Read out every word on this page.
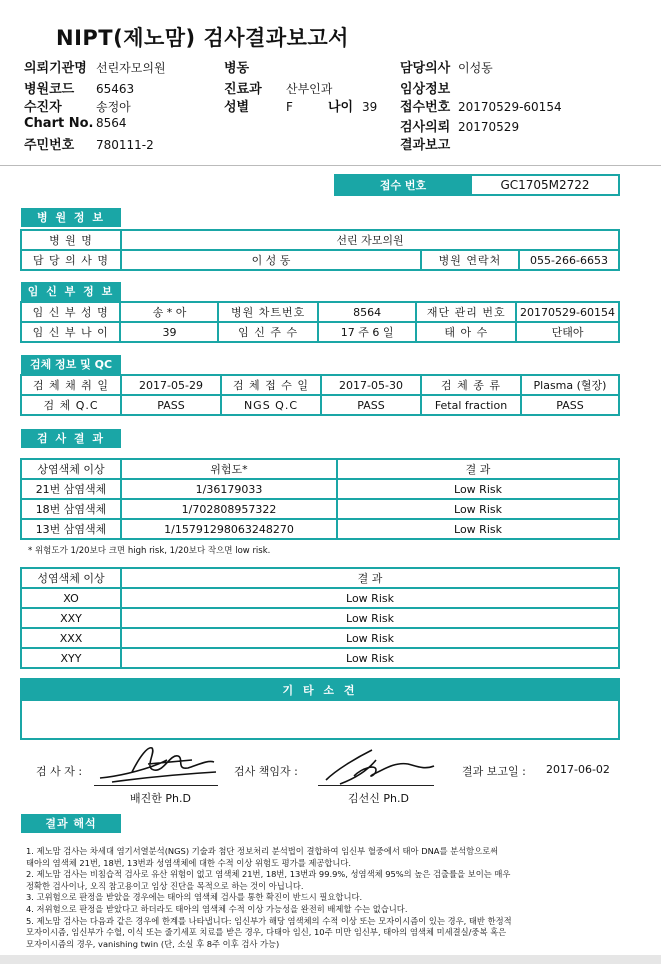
NIPT(제노맘) 검사결과보고서
의뢰기관명 선린자모의원
병원코드 65463
수진자	송정아
Chart No. 8564
주민번호 780111-2
병동
진료과 산부인과
성별	F	나이 39
담당의사 이성동
임상정보
접수번호 20170529-60154
검사의뢰 20170529
결과보고
접수 번호	GC1705M2722
병 원 정 보
병 원 명	선린 자모의원		
담 당 의 사 명	이 성 동	병원 연락처	055-266-6653
임 신 부 정 보
임 신 부 성 명	송 * 아	병원 차트번호	8564	재단 관리 번호	20170529-60154
임 신 부 나 이	39	임 신 주 수	17 주 6 일	태 아 수	단태아
검체 정보 및 QC
검 체 채 취 일	2017-05-29	검 체 접 수 일	2017-05-30	검 체 종 류	Plasma (혈장)
검 체 Q.C	PASS	NGS Q.C	PASS	Fetal fraction	PASS
검 사 결 과
상염색체 이상	위험도*	결 과
21번 삼염색체	1/36179033	Low Risk
18번 삼염색체	1/702808957322	Low Risk
13번 삼염색체	1/15791298063248270	Low Risk
* 위험도가 1/20보다 크면 high risk, 1/20보다 작으면 low risk.
성염색체 이상	결 과
XO	Low Risk
XXY	Low Risk
XXX	Low Risk
XYY	Low Risk
기 타 소 견
검 사 자 :
배진한 Ph.D
검사 책임자 :
김선신 Ph.D
결과 보고일 : 2017-06-02
결과 해석
1. 제노맘 검사는 차세대 염기서열분석(NGS) 기술과 첨단 정보처리 분석법이 결합하여 임신부 혈중에서 태아 DNA를 분석함으로써
태아의 염색체 21번, 18번, 13번과 성염색체에 대한 수적 이상 위험도 평가를 제공합니다.
2. 제노맘 검사는 비침습적 검사로 유산 위험이 없고 염색체 21번, 18번, 13번과 99.9%, 성염색체 95%의 높은 검출률을 보이는 매우
정확한 검사이나, 오직 참고용이고 임상 진단을 목적으로 하는 것이 아닙니다.
3. 고위험으로 판정을 받았을 경우에는 태아의 염색체 검사를 통한 확진이 반드시 필요합니다.
4. 저위험으로 판정을 받았다고 하더라도 태아의 염색체 수적 이상 가능성을 완전히 배제할 수는 없습니다.
5. 제노맘 검사는 다음과 같은 경우에 한계를 나타냅니다: 임신부가 해당 염색체의 수적 이상 또는 모자이시즘이 있는 경우, 태반 한정적
모자이시즘, 임신부가 수혈, 이식 또는 줄기세포 치료를 받은 경우, 다태아 임신, 10주 미만 임신부, 태아의 염색체 미세결실/중복 혹은
모자이시즘의 경우, vanishing twin (단, 소실 후 8주 이후 검사 가능)
